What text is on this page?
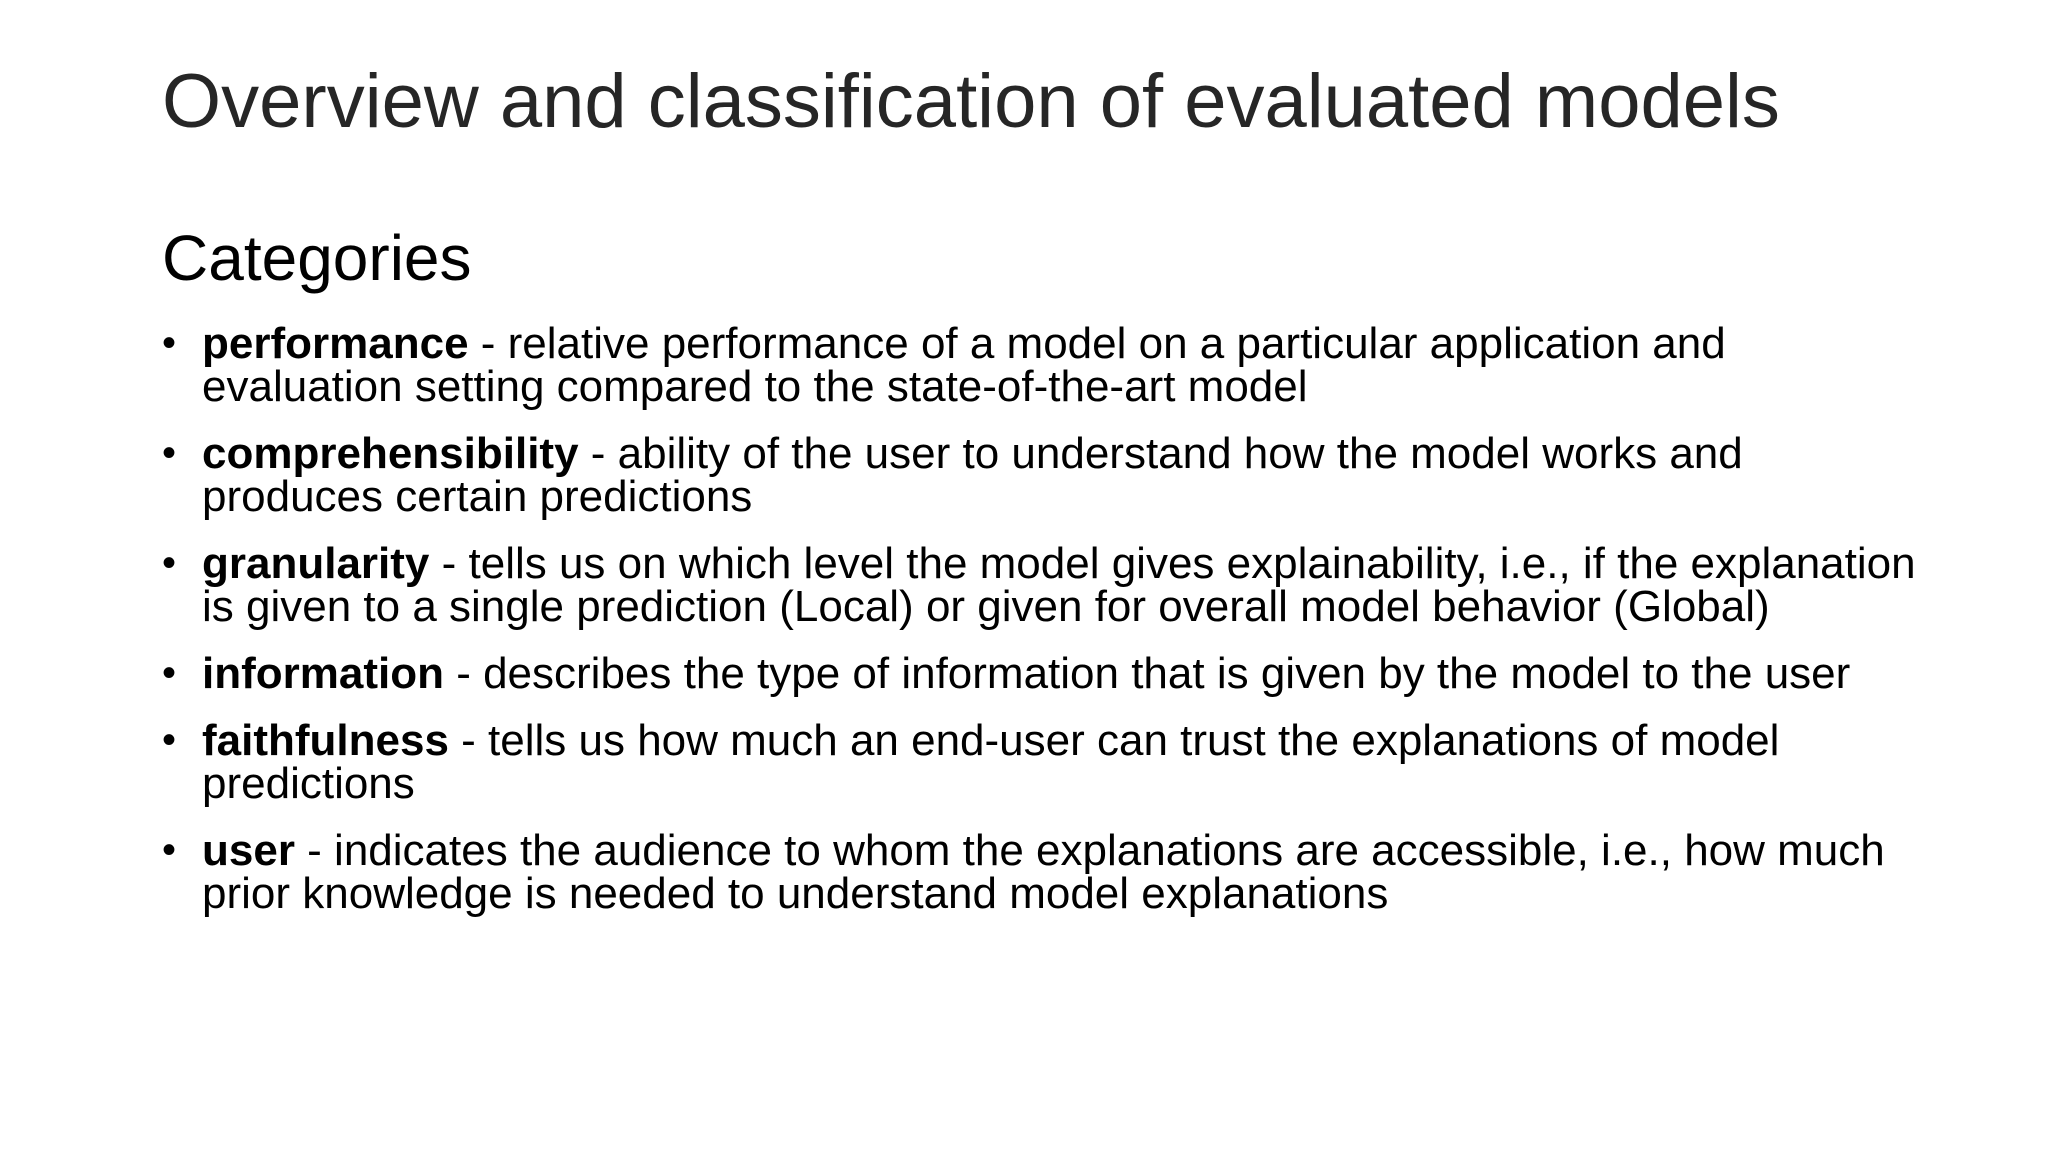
Overview and classification of evaluated models
Categories
• performance - relative performance of a model on a particular application and evaluation setting compared to the state-of-the-art model
• comprehensibility - ability of the user to understand how the model works and produces certain predictions
• granularity - tells us on which level the model gives explainability, i.e., if the explanation is given to a single prediction (Local) or given for overall model behavior (Global)
• information - describes the type of information that is given by the model to the user
• faithfulness - tells us how much an end-user can trust the explanations of model predictions
• user - indicates the audience to whom the explanations are accessible, i.e., how much prior knowledge is needed to understand model explanations
